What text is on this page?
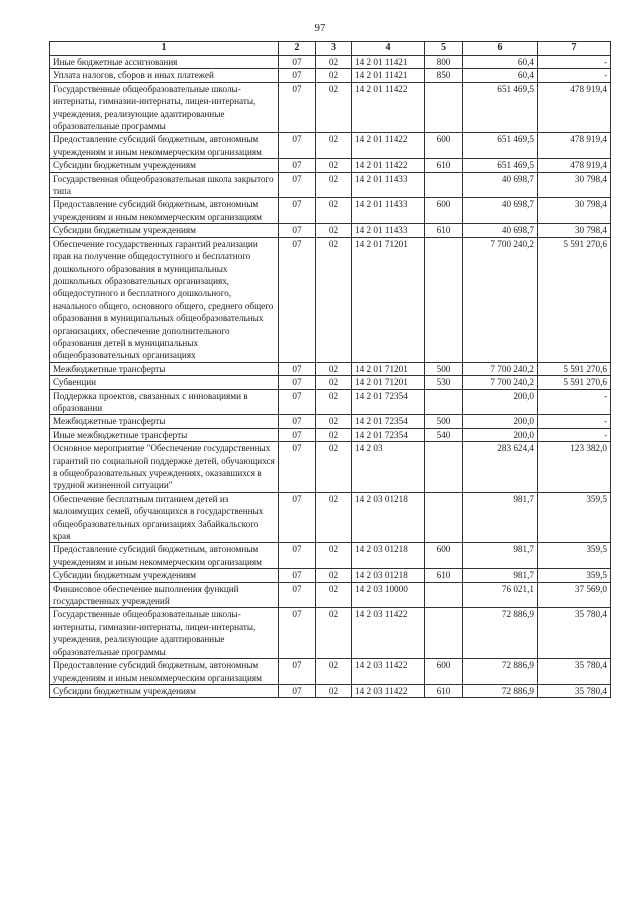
97
1	2	3	4	5	6	7
Иные бюджетные ассигнования	07	02	14 2 01 11421	800	60,4	-
Уплата налогов, сборов и иных платежей	07	02	14 2 01 11421	850	60,4	-
Государственные общеобразовательные школы-интернаты, гимназии-интернаты, лицеи-интернаты, учреждения, реализующие адаптированные образовательные программы	07	02	14 2 01 11422		651 469,5	478 919,4
Предоставление субсидий бюджетным, автономным учреждениям и иным некоммерческим организациям	07	02	14 2 01 11422	600	651 469,5	478 919,4
Субсидии бюджетным учреждениям	07	02	14 2 01 11422	610	651 469,5	478 919,4
Государственная общеобразовательная школа закрытого типа	07	02	14 2 01 11433		40 698,7	30 798,4
Предоставление субсидий бюджетным, автономным учреждениям и иным некоммерческим организациям	07	02	14 2 01 11433	600	40 698,7	30 798,4
Субсидии бюджетным учреждениям	07	02	14 2 01 11433	610	40 698,7	30 798,4
Обеспечение государственных гарантий реализации прав на получение общедоступного и бесплатного дошкольного образования в муниципальных дошкольных образовательных организациях, общедоступного и бесплатного дошкольного, начального общего, основного общего, среднего общего образования в муниципальных общеобразовательных организациях, обеспечение дополнительного образования детей в муниципальных общеобразовательных организациях	07	02	14 2 01 71201		7 700 240,2	5 591 270,6
Межбюджетные трансферты	07	02	14 2 01 71201	500	7 700 240,2	5 591 270,6
Субвенции	07	02	14 2 01 71201	530	7 700 240,2	5 591 270,6
Поддержка проектов, связанных с инновациями в образовании	07	02	14 2 01 72354		200,0	-
Межбюджетные трансферты	07	02	14 2 01 72354	500	200,0	-
Иные межбюджетные трансферты	07	02	14 2 01 72354	540	200,0	-
Основное мероприятие "Обеспечение государственных гарантий по социальной поддержке детей, обучающихся в общеобразовательных учреждениях, оказавшихся в трудной жизненной ситуации"	07	02	14 2 03		283 624,4	123 382,0
Обеспечение бесплатным питанием детей из малоимущих семей, обучающихся в государственных общеобразовательных организациях Забайкальского края	07	02	14 2 03 01218		981,7	359,5
Предоставление субсидий бюджетным, автономным учреждениям и иным некоммерческим организациям	07	02	14 2 03 01218	600	981,7	359,5
Субсидии бюджетным учреждениям	07	02	14 2 03 01218	610	981,7	359,5
Финансовое обеспечение выполнения функций государственных учреждений	07	02	14 2 03 10000		76 021,1	37 569,0
Государственные общеобразовательные школы-интернаты, гимназии-интернаты, лицеи-интернаты, учреждения, реализующие адаптированные образовательные программы	07	02	14 2 03 11422		72 886,9	35 780,4
Предоставление субсидий бюджетным, автономным учреждениям и иным некоммерческим организациям	07	02	14 2 03 11422	600	72 886,9	35 780,4
Субсидии бюджетным учреждениям	07	02	14 2 03 11422	610	72 886,9	35 780,4
